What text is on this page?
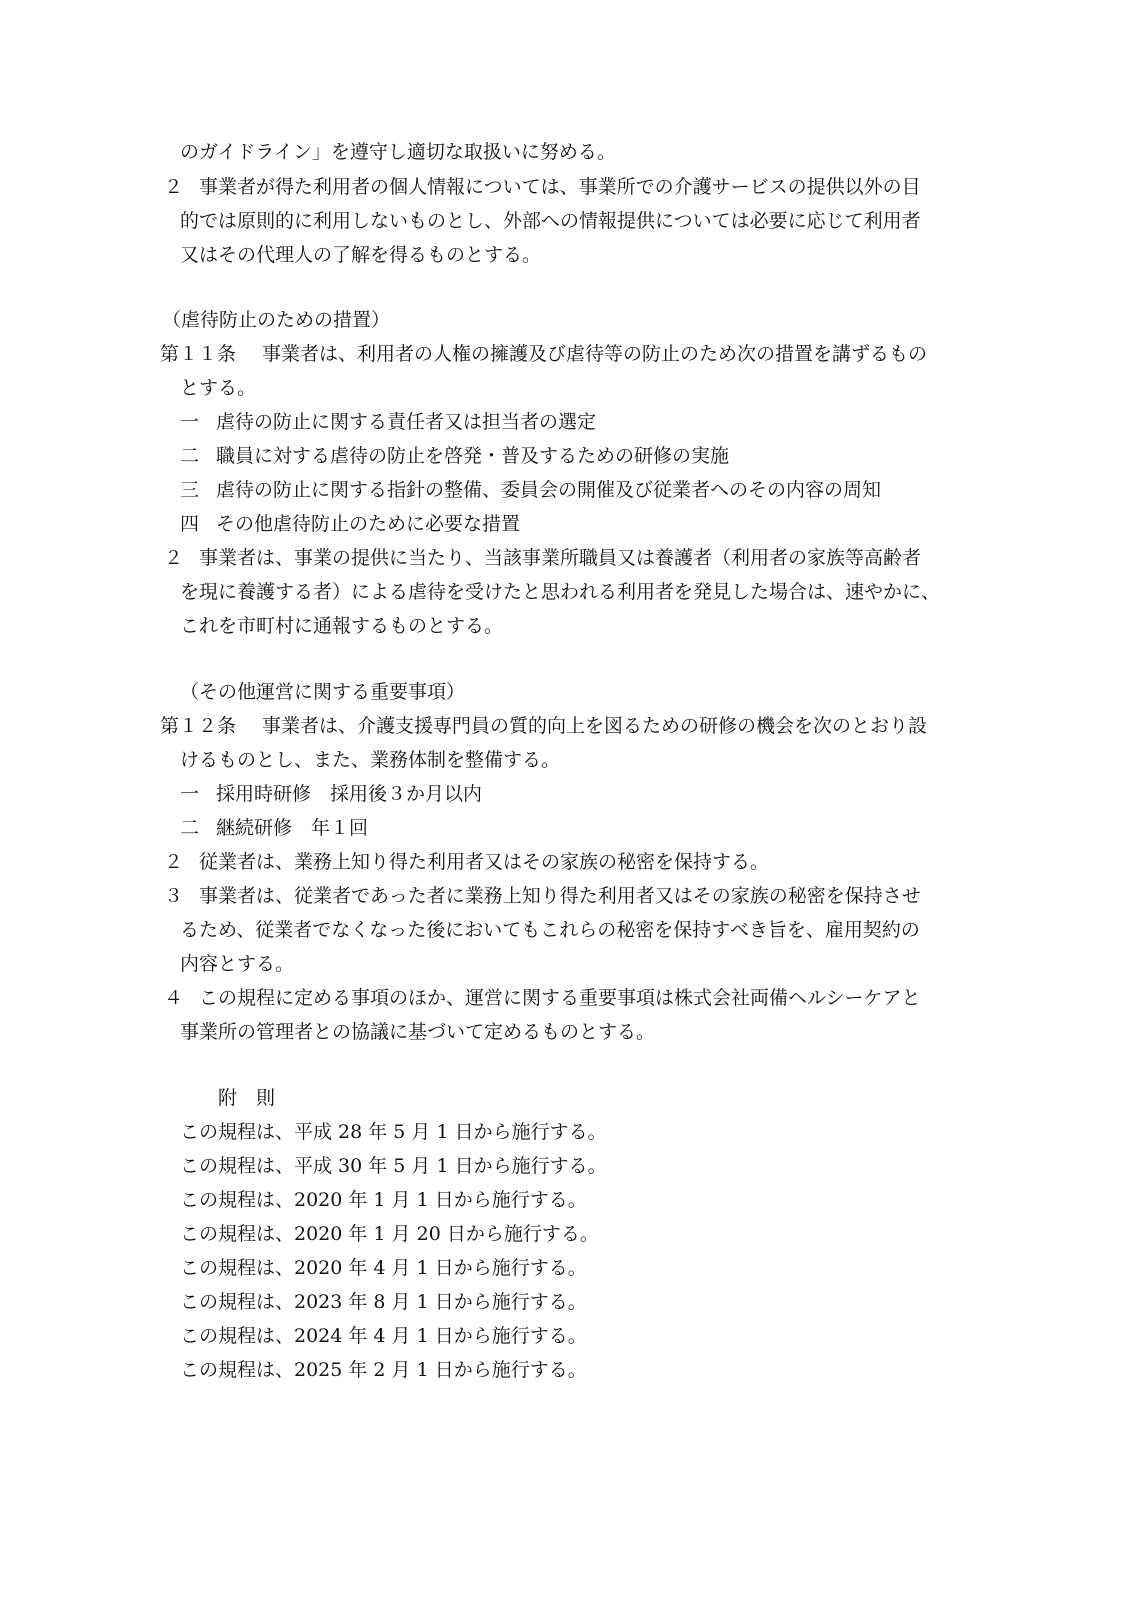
のガイドライン」を遵守し適切な取扱いに努める。
２ 事業者が得た利用者の個人情報については、事業所での介護サービスの提供以外の目
的では原則的に利用しないものとし、外部への情報提供については必要に応じて利用者
又はその代理人の了解を得るものとする。
（虐待防止のための措置）
第１１条 事業者は、利用者の人権の擁護及び虐待等の防止のため次の措置を講ずるもの
とする。
一 虐待の防止に関する責任者又は担当者の選定
二 職員に対する虐待の防止を啓発・普及するための研修の実施
三 虐待の防止に関する指針の整備、委員会の開催及び従業者へのその内容の周知
四 その他虐待防止のために必要な措置
２ 事業者は、事業の提供に当たり、当該事業所職員又は養護者（利用者の家族等高齢者
を現に養護する者）による虐待を受けたと思われる利用者を発見した場合は、速やかに、
これを市町村に通報するものとする。
（その他運営に関する重要事項）
第１２条 事業者は、介護支援専門員の質的向上を図るための研修の機会を次のとおり設
けるものとし、また、業務体制を整備する。
一 採用時研修　採用後３か月以内
二 継続研修　年１回
２ 従業者は、業務上知り得た利用者又はその家族の秘密を保持する。
３ 事業者は、従業者であった者に業務上知り得た利用者又はその家族の秘密を保持させ
るため、従業者でなくなった後においてもこれらの秘密を保持すべき旨を、雇用契約の
内容とする。
４ この規程に定める事項のほか、運営に関する重要事項は株式会社両備ヘルシーケアと
事業所の管理者との協議に基づいて定めるものとする。
附　則
この規程は、平成 28 年 5 月 1 日から施行する。
この規程は、平成 30 年 5 月 1 日から施行する。
この規程は、2020 年 1 月 1 日から施行する。
この規程は、2020 年 1 月 20 日から施行する。
この規程は、2020 年 4 月 1 日から施行する。
この規程は、2023 年 8 月 1 日から施行する。
この規程は、2024 年 4 月 1 日から施行する。
この規程は、2025 年 2 月 1 日から施行する。
